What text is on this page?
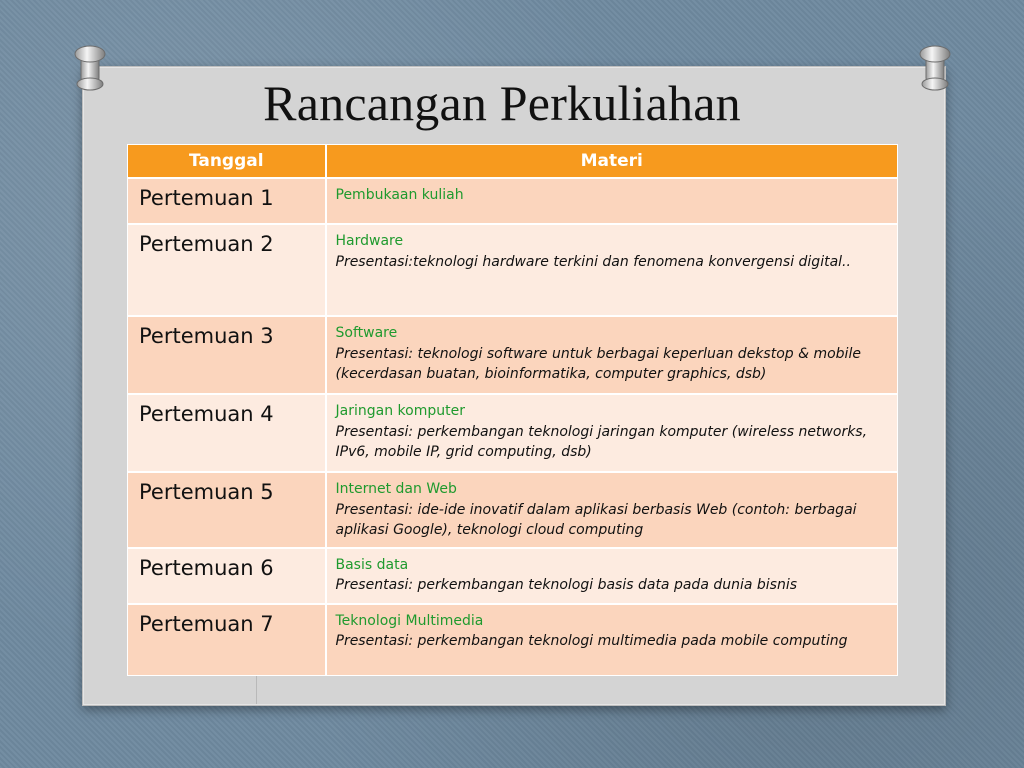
Rancangan Perkuliahan
Tanggal	Materi

Pertemuan 1	Pembukaan kuliah

Pertemuan 2	Hardware
Presentasi:teknologi hardware terkini dan fenomena konvergensi digital..

Pertemuan 3	Software
Presentasi: teknologi software untuk berbagai keperluan dekstop & mobile (kecerdasan buatan, bioinformatika, computer graphics, dsb)

Pertemuan 4	Jaringan komputer
Presentasi: perkembangan teknologi jaringan komputer (wireless networks, IPv6, mobile IP, grid computing, dsb)

Pertemuan 5	Internet dan Web
Presentasi: ide-ide inovatif dalam aplikasi berbasis Web (contoh: berbagai aplikasi Google), teknologi cloud computing

Pertemuan 6	Basis data
Presentasi: perkembangan teknologi basis data pada dunia bisnis

Pertemuan 7	Teknologi Multimedia
Presentasi: perkembangan teknologi multimedia pada mobile computing
